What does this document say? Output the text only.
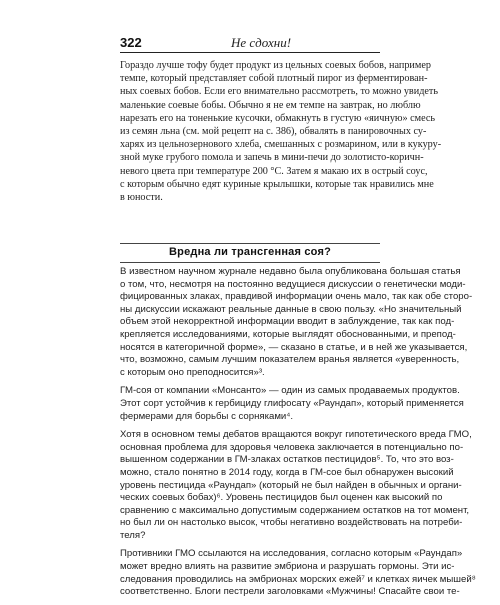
322	Не сдохни!

Гораздо лучше тофу будет продукт из цельных соевых бобов, например
темпе, который представляет собой плотный пирог из ферментирован-
ных соевых бобов. Если его внимательно рассмотреть, то можно увидеть
маленькие соевые бобы. Обычно я не ем темпе на завтрак, но люблю
нарезать его на тоненькие кусочки, обмакнуть в густую «яичную» смесь
из семян льна (см. мой рецепт на с. 386), обвалять в панировочных су-
харях из цельнозернового хлеба, смешанных с розмарином, или в кукуру-
зной муке грубого помола и запечь в мини-печи до золотисто-коричн-
невого цвета при температуре 200 °C. Затем я макаю их в острый соус,
с которым обычно едят куриные крылышки, которые так нравились мне
в юности.

Вредна ли трансгенная соя?

В известном научном журнале недавно была опубликована большая статья
о том, что, несмотря на постоянно ведущиеся дискуссии о генетически моди-
фицированных злаках, правдивой информации очень мало, так как обе сторо-
ны дискуссии искажают реальные данные в свою пользу. «Но значительный
объем этой некорректной информации вводит в заблуждение, так как под-
крепляется исследованиями, которые выглядят обоснованными, и препод-
носятся в категоричной форме», — сказано в статье, и в ней же указывается,
что, возможно, самым лучшим показателем вранья является «уверенность,
с которым оно преподносится»³.

ГМ-соя от компании «Монсанто» — один из самых продаваемых продуктов.
Этот сорт устойчив к гербициду глифосату «Раундап», который применяется
фермерами для борьбы с сорняками⁴.

Хотя в основном темы дебатов вращаются вокруг гипотетического вреда ГМО,
основная проблема для здоровья человека заключается в потенциально по-
вышенном содержании в ГМ-злаках остатков пестицидов⁵. То, что это воз-
можно, стало понятно в 2014 году, когда в ГМ-сое был обнаружен высокий
уровень пестицида «Раундап» (который не был найден в обычных и органи-
ческих соевых бобах)⁶. Уровень пестицидов был оценен как высокий по
сравнению с максимально допустимым содержанием остатков на тот момент,
но был ли он настолько высок, чтобы негативно воздействовать на потреби-
теля?

Противники ГМО ссылаются на исследования, согласно которым «Раундап»
может вредно влиять на развитие эмбриона и разрушать гормоны. Эти ис-
следования проводились на эмбрионах морских ежей⁷ и клетках яичек мышей⁸
соответственно. Блоги пестрели заголовками «Мужчины! Спасайте свои те-
